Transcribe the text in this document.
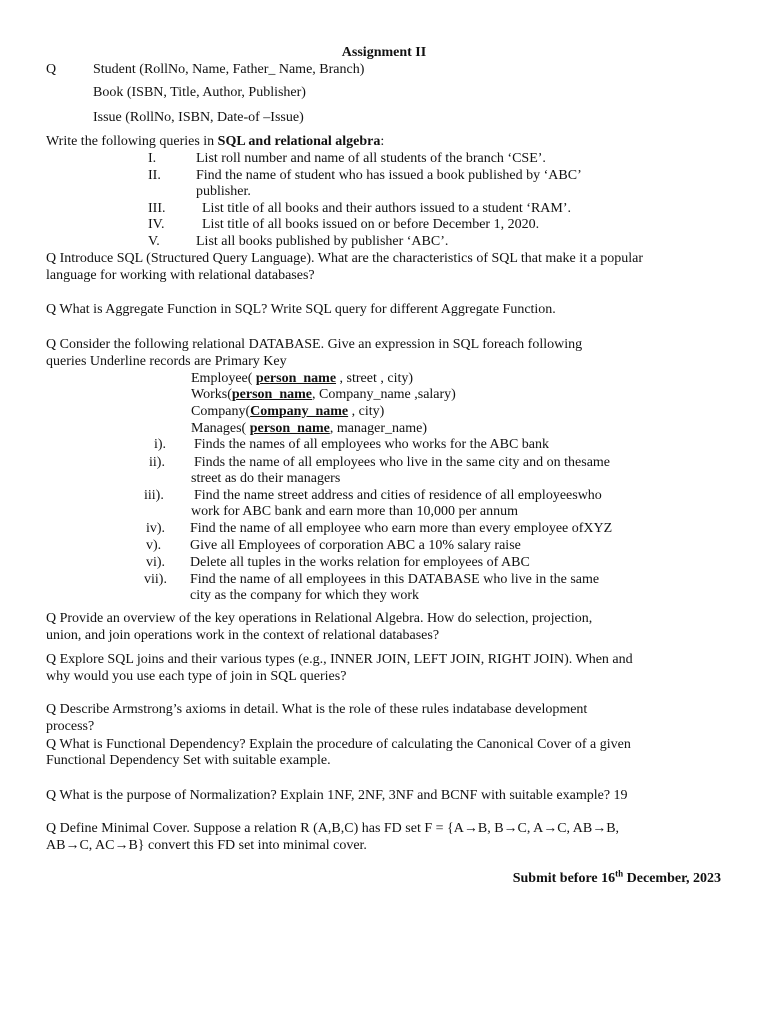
Assignment II
Q	Student (RollNo, Name, Father_ Name, Branch)
Book (ISBN, Title, Author, Publisher)
Issue (RollNo, ISBN, Date-of –Issue)
Write the following queries in SQL and relational algebra:
I.	List roll number and name of all students of the branch ‘CSE’.
II.	Find the name of student who has issued a book published by ‘ABC’
publisher.
III.	List title of all books and their authors issued to a student ‘RAM’.
IV.	List title of all books issued on or before December 1, 2020.
V.	List all books published by publisher ‘ABC’.
Q Introduce SQL (Structured Query Language). What are the characteristics of SQL that make it a popular
language for working with relational databases?
Q What is Aggregate Function in SQL? Write SQL query for different Aggregate Function.
Q Consider the following relational DATABASE. Give an expression in SQL foreach following
queries Underline records are Primary Key
Employee( person_name , street , city)
Works(person_name, Company_name ,salary)
Company(Company_name , city)
Manages( person_name, manager_name)
i). Finds the names of all employees who works for the ABC bank
ii). Finds the name of all employees who live in the same city and on thesame
street as do their managers
iii). Find the name street address and cities of residence of all employeeswho
work for ABC bank and earn more than 10,000 per annum
iv). Find the name of all employee who earn more than every employee ofXYZ
v). Give all Employees of corporation ABC a 10% salary raise
vi). Delete all tuples in the works relation for employees of ABC
vii). Find the name of all employees in this DATABASE who live in the same
city as the company for which they work
Q Provide an overview of the key operations in Relational Algebra. How do selection, projection,
union, and join operations work in the context of relational databases?
Q Explore SQL joins and their various types (e.g., INNER JOIN, LEFT JOIN, RIGHT JOIN). When and
why would you use each type of join in SQL queries?
Q Describe Armstrong’s axioms in detail. What is the role of these rules indatabase development
process?
Q What is Functional Dependency? Explain the procedure of calculating the Canonical Cover of a given
Functional Dependency Set with suitable example.
Q What is the purpose of Normalization? Explain 1NF, 2NF, 3NF and BCNF with suitable example? 19
Q Define Minimal Cover. Suppose a relation R (A,B,C) has FD set F = {A→B, B→C, A→C, AB→B,
AB→C, AC→B} convert this FD set into minimal cover.
Submit before 16th December, 2023
